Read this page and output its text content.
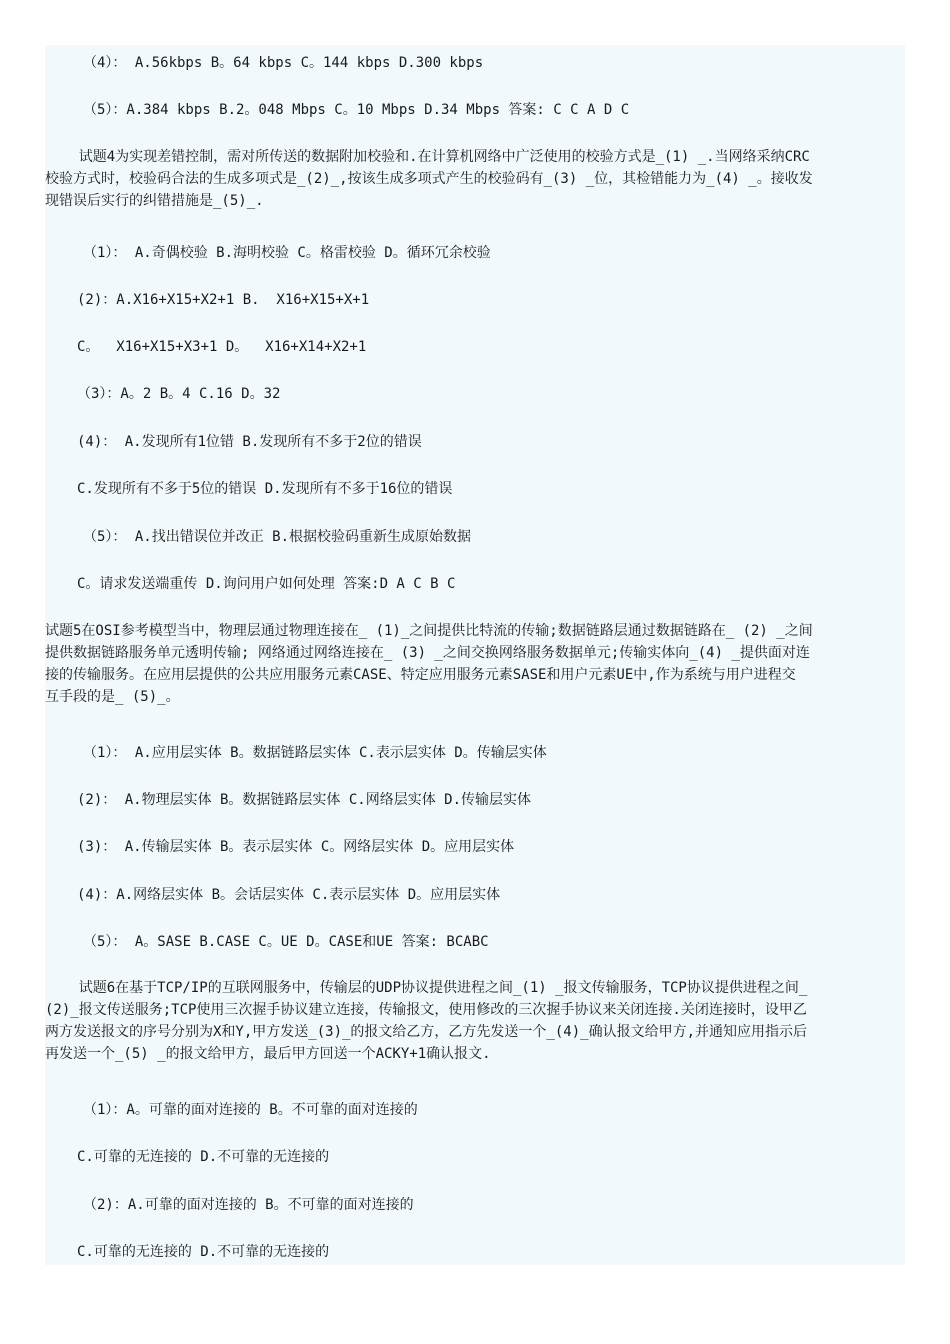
（4）： A.56kbps B。64 kbps C。144 kbps D.300 kbps
（5）：A.384 kbps B.2。048 Mbps C。10 Mbps D.34 Mbps 答案: C C A D C
试题4为实现差错控制，需对所传送的数据附加校验和.在计算机网络中广泛使用的校验方式是_(1) _.当网络采纳CRC
校验方式时，校验码合法的生成多项式是_(2)_,按该生成多项式产生的校验码有_(3) _位，其检错能力为_(4) _。接收发
现错误后实行的纠错措施是_(5)_.
（1）： A.奇偶校验 B.海明校验 C。格雷校验 D。循环冗余校验
(2)：A.X16+X15+X2+1 B.  X16+X15+X+1
C。  X16+X15+X3+1 D。  X16+X14+X2+1
（3）：A。2 B。4 C.16 D。32
(4)： A.发现所有1位错 B.发现所有不多于2位的错误
C.发现所有不多于5位的错误 D.发现所有不多于16位的错误
（5）： A.找出错误位并改正 B.根据校验码重新生成原始数据
C。请求发送端重传 D.询问用户如何处理 答案:D A C B C
试题5在OSI参考模型当中，物理层通过物理连接在_ (1)_之间提供比特流的传输;数据链路层通过数据链路在_ (2) _之间
提供数据链路服务单元透明传输; 网络通过网络连接在_ (3) _之间交换网络服务数据单元;传输实体向_(4) _提供面对连
接的传输服务。在应用层提供的公共应用服务元素CASE、特定应用服务元素SASE和用户元素UE中,作为系统与用户进程交
互手段的是_ (5)_。
（1）： A.应用层实体 B。数据链路层实体 C.表示层实体 D。传输层实体
(2)： A.物理层实体 B。数据链路层实体 C.网络层实体 D.传输层实体
(3)： A.传输层实体 B。表示层实体 C。网络层实体 D。应用层实体
(4)：A.网络层实体 B。会话层实体 C.表示层实体 D。应用层实体
（5）： A。SASE B.CASE C。UE D。CASE和UE 答案: BCABC
试题6在基于TCP/IP的互联网服务中，传输层的UDP协议提供进程之间_(1) _报文传输服务，TCP协议提供进程之间_
(2)_报文传送服务;TCP使用三次握手协议建立连接，传输报文，使用修改的三次握手协议来关闭连接.关闭连接时，设甲乙
两方发送报文的序号分别为X和Y,甲方发送_(3)_的报文给乙方，乙方先发送一个_(4)_确认报文给甲方,并通知应用指示后
再发送一个_(5) _的报文给甲方，最后甲方回送一个ACKY+1确认报文.
（1）：A。可靠的面对连接的 B。不可靠的面对连接的
C.可靠的无连接的 D.不可靠的无连接的
（2)：A.可靠的面对连接的 B。不可靠的面对连接的
C.可靠的无连接的 D.不可靠的无连接的
